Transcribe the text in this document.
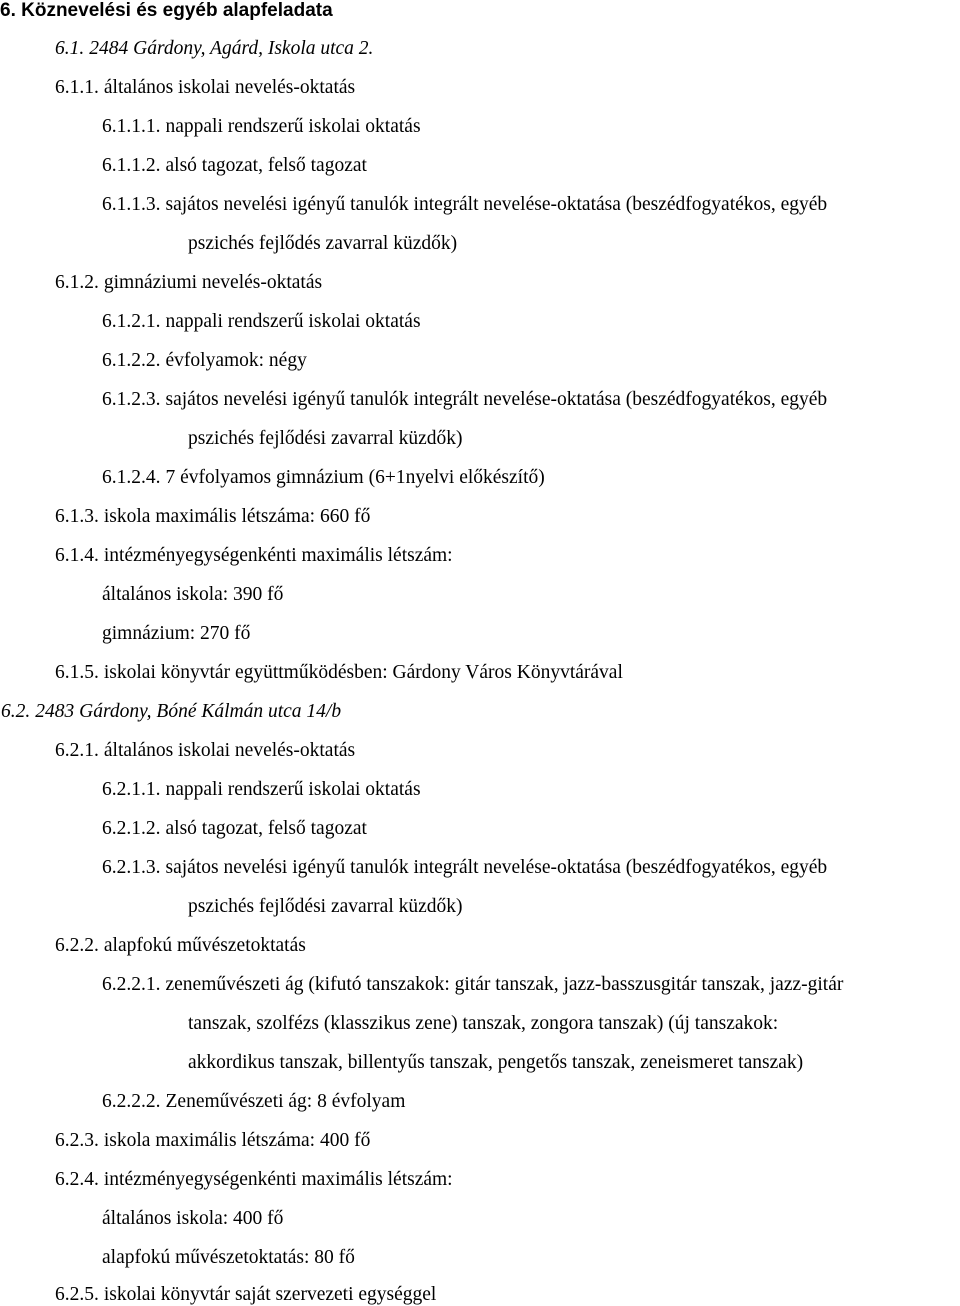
6. Köznevelési és egyéb alapfeladata
6.1. 2484 Gárdony, Agárd, Iskola utca 2.
6.1.1. általános iskolai nevelés-oktatás
6.1.1.1. nappali rendszerű iskolai oktatás
6.1.1.2. alsó tagozat, felső tagozat
6.1.1.3. sajátos nevelési igényű tanulók integrált nevelése-oktatása (beszédfogyatékos, egyéb
pszichés fejlődés zavarral küzdők)
6.1.2. gimnáziumi nevelés-oktatás
6.1.2.1. nappali rendszerű iskolai oktatás
6.1.2.2. évfolyamok: négy
6.1.2.3. sajátos nevelési igényű tanulók integrált nevelése-oktatása (beszédfogyatékos, egyéb
pszichés fejlődési zavarral küzdők)
6.1.2.4. 7 évfolyamos gimnázium (6+1nyelvi előkészítő)
6.1.3. iskola maximális létszáma: 660 fő
6.1.4. intézményegységenkénti maximális létszám:
általános iskola: 390 fő
gimnázium: 270 fő
6.1.5. iskolai könyvtár együttműködésben: Gárdony Város Könyvtárával
6.2. 2483 Gárdony, Bóné Kálmán utca 14/b
6.2.1. általános iskolai nevelés-oktatás
6.2.1.1. nappali rendszerű iskolai oktatás
6.2.1.2. alsó tagozat, felső tagozat
6.2.1.3. sajátos nevelési igényű tanulók integrált nevelése-oktatása (beszédfogyatékos, egyéb
pszichés fejlődési zavarral küzdők)
6.2.2. alapfokú művészetoktatás
6.2.2.1. zeneművészeti ág (kifutó tanszakok: gitár tanszak, jazz-basszusgitár tanszak, jazz-gitár
tanszak, szolfézs (klasszikus zene) tanszak, zongora tanszak) (új tanszakok:
akkordikus tanszak, billentyűs tanszak, pengetős tanszak, zeneismeret tanszak)
6.2.2.2. Zeneművészeti ág: 8 évfolyam
6.2.3. iskola maximális létszáma: 400 fő
6.2.4. intézményegységenkénti maximális létszám:
általános iskola: 400 fő
alapfokú művészetoktatás: 80 fő
6.2.5. iskolai könyvtár saját szervezeti egységgel
